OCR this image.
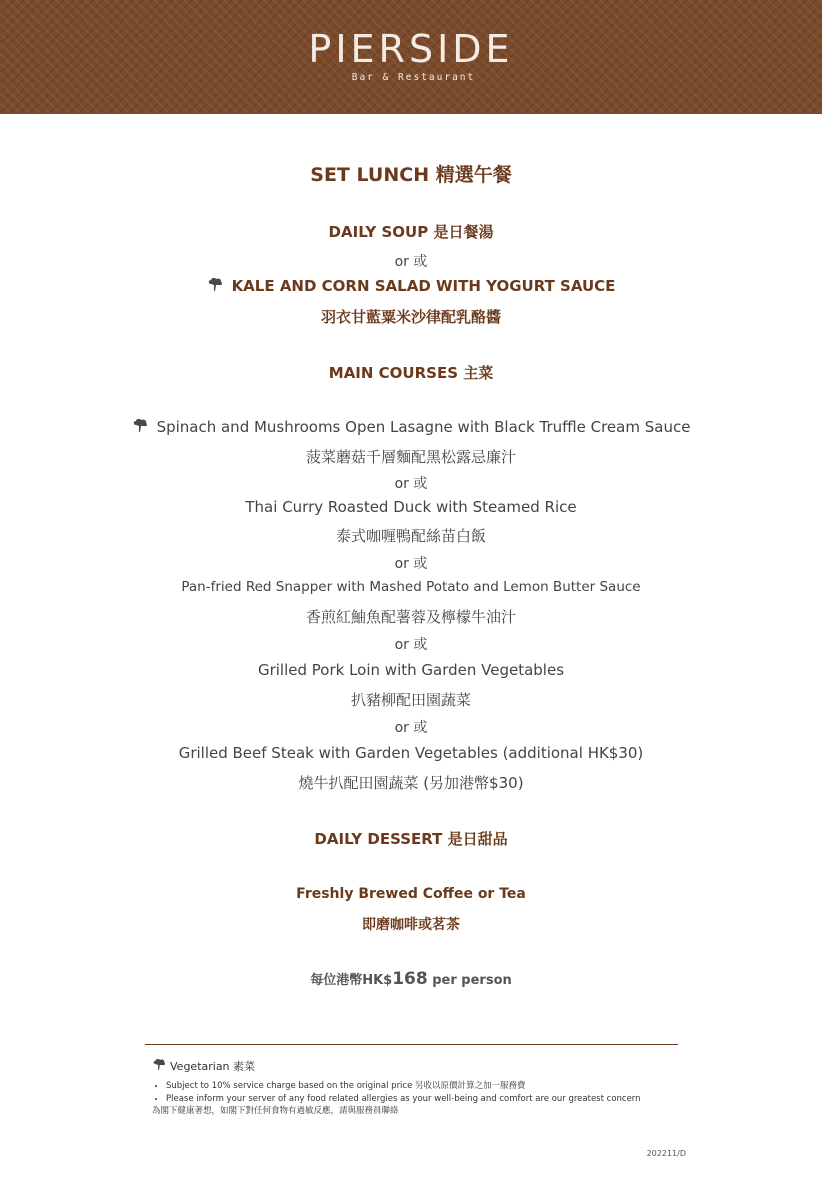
PIERSIDE
Bar & Restaurant
SET LUNCH 精選午餐
DAILY SOUP 是日餐湯
or 或
KALE AND CORN SALAD WITH YOGURT SAUCE
羽衣甘藍粟米沙律配乳酪醬
MAIN COURSES 主菜
Spinach and Mushrooms Open Lasagne with Black Truffle Cream Sauce
菠菜蘑菇千層麵配黑松露忌廉汁
or 或
Thai Curry Roasted Duck with Steamed Rice
泰式咖喱鴨配絲苗白飯
or 或
Pan-fried Red Snapper with Mashed Potato and Lemon Butter Sauce
香煎紅鮋魚配薯蓉及檸檬牛油汁
or 或
Grilled Pork Loin with Garden Vegetables
扒豬柳配田園蔬菜
or 或
Grilled Beef Steak with Garden Vegetables (additional HK$30)
燒牛扒配田園蔬菜 (另加港幣$30)
DAILY DESSERT 是日甜品
Freshly Brewed Coffee or Tea
即磨咖啡或茗茶
每位港幣HK$168 per person
Vegetarian 素菜
• Subject to 10% service charge based on the original price 另收以原價計算之加一服務費
• Please inform your server of any food related allergies as your well-being and comfort are our greatest concern
為閣下健康著想，如閣下對任何食物有過敏反應，請與服務員聯絡
202211/D
